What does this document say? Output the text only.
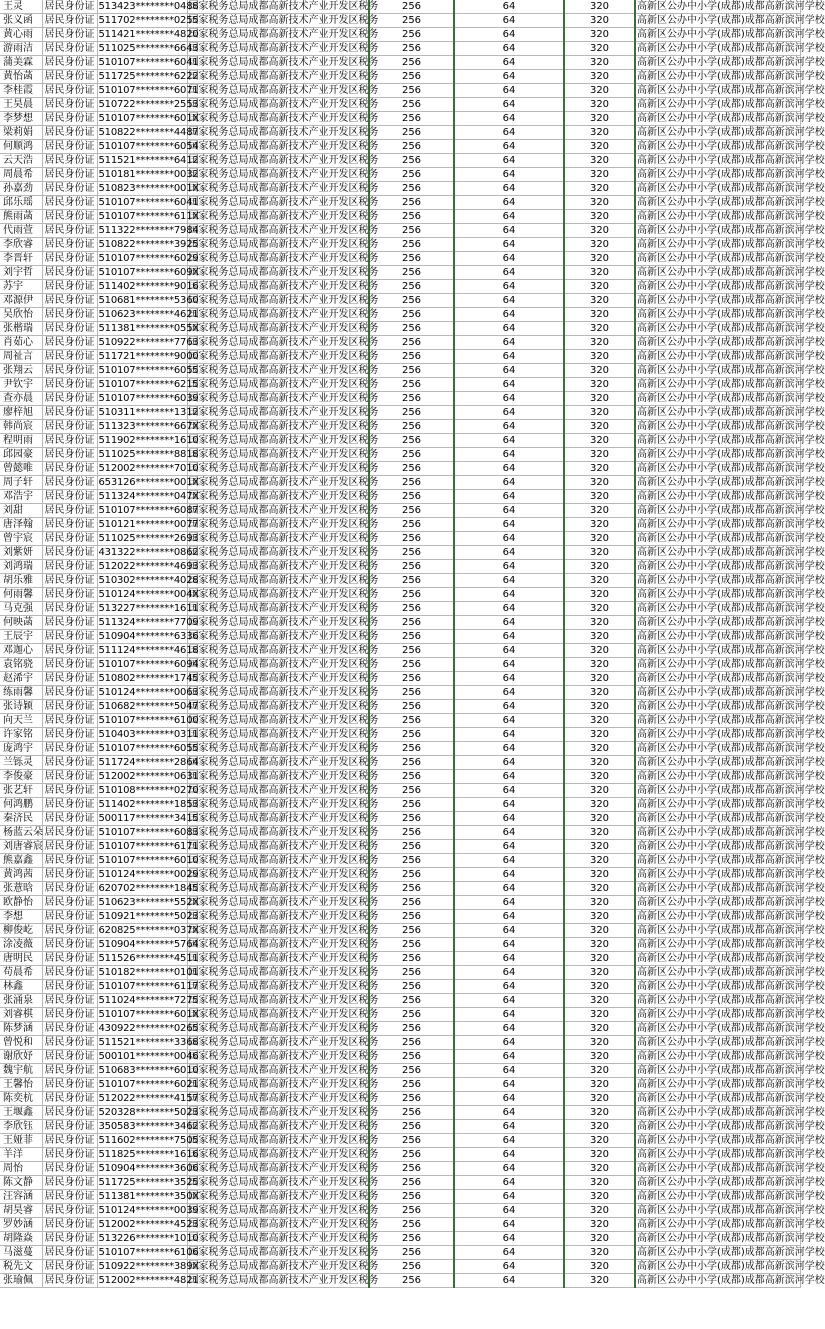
王灵	居民身份证	513423********0488	国家税务总局成都高新技术产业开发区税务	256	64	320	高新区公办中小学(成都)成都高新滨河学校
张义函	居民身份证	511702********0255	国家税务总局成都高新技术产业开发区税务	256	64	320	高新区公办中小学(成都)成都高新滨河学校
黄心雨	居民身份证	511421********4820	国家税务总局成都高新技术产业开发区税务	256	64	320	高新区公办中小学(成都)成都高新滨河学校
游雨洁	居民身份证	511025********6643	国家税务总局成都高新技术产业开发区税务	256	64	320	高新区公办中小学(成都)成都高新滨河学校
蒲美霖	居民身份证	510107********6041	国家税务总局成都高新技术产业开发区税务	256	64	320	高新区公办中小学(成都)成都高新滨河学校
黄怡菡	居民身份证	511725********6222	国家税务总局成都高新技术产业开发区税务	256	64	320	高新区公办中小学(成都)成都高新滨河学校
李桂霞	居民身份证	510107********6071	国家税务总局成都高新技术产业开发区税务	256	64	320	高新区公办中小学(成都)成都高新滨河学校
王昊晨	居民身份证	510722********2553	国家税务总局成都高新技术产业开发区税务	256	64	320	高新区公办中小学(成都)成都高新滨河学校
李梦想	居民身份证	510107********601X	国家税务总局成都高新技术产业开发区税务	256	64	320	高新区公办中小学(成都)成都高新滨河学校
梁莉娟	居民身份证	510822********4487	国家税务总局成都高新技术产业开发区税务	256	64	320	高新区公办中小学(成都)成都高新滨河学校
何顺鸿	居民身份证	510107********6054	国家税务总局成都高新技术产业开发区税务	256	64	320	高新区公办中小学(成都)成都高新滨河学校
云天浩	居民身份证	511521********6412	国家税务总局成都高新技术产业开发区税务	256	64	320	高新区公办中小学(成都)成都高新滨河学校
周晨希	居民身份证	510181********0032	国家税务总局成都高新技术产业开发区税务	256	64	320	高新区公办中小学(成都)成都高新滨河学校
孙嘉劲	居民身份证	510823********001X	国家税务总局成都高新技术产业开发区税务	256	64	320	高新区公办中小学(成都)成都高新滨河学校
邱乐瑶	居民身份证	510107********6041	国家税务总局成都高新技术产业开发区税务	256	64	320	高新区公办中小学(成都)成都高新滨河学校
熊雨菡	居民身份证	510107********611X	国家税务总局成都高新技术产业开发区税务	256	64	320	高新区公办中小学(成都)成都高新滨河学校
代雨萱	居民身份证	511322********7984	国家税务总局成都高新技术产业开发区税务	256	64	320	高新区公办中小学(成都)成都高新滨河学校
李欣睿	居民身份证	510822********3925	国家税务总局成都高新技术产业开发区税务	256	64	320	高新区公办中小学(成都)成都高新滨河学校
李晋轩	居民身份证	510107********6029	国家税务总局成都高新技术产业开发区税务	256	64	320	高新区公办中小学(成都)成都高新滨河学校
刘宇哲	居民身份证	510107********609X	国家税务总局成都高新技术产业开发区税务	256	64	320	高新区公办中小学(成都)成都高新滨河学校
苏宇	居民身份证	511402********9016	国家税务总局成都高新技术产业开发区税务	256	64	320	高新区公办中小学(成都)成都高新滨河学校
邓源伊	居民身份证	510681********5360	国家税务总局成都高新技术产业开发区税务	256	64	320	高新区公办中小学(成都)成都高新滨河学校
吴欣怡	居民身份证	510623********4621	国家税务总局成都高新技术产业开发区税务	256	64	320	高新区公办中小学(成都)成都高新滨河学校
张楷瑞	居民身份证	511381********055X	国家税务总局成都高新技术产业开发区税务	256	64	320	高新区公办中小学(成都)成都高新滨河学校
肖茹心	居民身份证	510922********7763	国家税务总局成都高新技术产业开发区税务	256	64	320	高新区公办中小学(成都)成都高新滨河学校
周祉言	居民身份证	511721********9000	国家税务总局成都高新技术产业开发区税务	256	64	320	高新区公办中小学(成都)成都高新滨河学校
张翔云	居民身份证	510107********6055	国家税务总局成都高新技术产业开发区税务	256	64	320	高新区公办中小学(成都)成都高新滨河学校
尹钦宇	居民身份证	510107********6215	国家税务总局成都高新技术产业开发区税务	256	64	320	高新区公办中小学(成都)成都高新滨河学校
查亦晨	居民身份证	510107********6039	国家税务总局成都高新技术产业开发区税务	256	64	320	高新区公办中小学(成都)成都高新滨河学校
廖梓旭	居民身份证	510311********1312	国家税务总局成都高新技术产业开发区税务	256	64	320	高新区公办中小学(成都)成都高新滨河学校
韩尚宸	居民身份证	511323********667X	国家税务总局成都高新技术产业开发区税务	256	64	320	高新区公办中小学(成都)成都高新滨河学校
程明雨	居民身份证	511902********1610	国家税务总局成都高新技术产业开发区税务	256	64	320	高新区公办中小学(成都)成都高新滨河学校
邱园豪	居民身份证	511025********8818	国家税务总局成都高新技术产业开发区税务	256	64	320	高新区公办中小学(成都)成都高新滨河学校
曾懿唯	居民身份证	512002********7010	国家税务总局成都高新技术产业开发区税务	256	64	320	高新区公办中小学(成都)成都高新滨河学校
周子轩	居民身份证	653126********001X	国家税务总局成都高新技术产业开发区税务	256	64	320	高新区公办中小学(成都)成都高新滨河学校
邓浩宇	居民身份证	511324********047X	国家税务总局成都高新技术产业开发区税务	256	64	320	高新区公办中小学(成都)成都高新滨河学校
刘甜	居民身份证	510107********6087	国家税务总局成都高新技术产业开发区税务	256	64	320	高新区公办中小学(成都)成都高新滨河学校
唐泽翰	居民身份证	510121********0077	国家税务总局成都高新技术产业开发区税务	256	64	320	高新区公办中小学(成都)成都高新滨河学校
曾宇宸	居民身份证	511025********2693	国家税务总局成都高新技术产业开发区税务	256	64	320	高新区公办中小学(成都)成都高新滨河学校
刘紫妍	居民身份证	431322********0862	国家税务总局成都高新技术产业开发区税务	256	64	320	高新区公办中小学(成都)成都高新滨河学校
刘鸿瑞	居民身份证	512022********4693	国家税务总局成都高新技术产业开发区税务	256	64	320	高新区公办中小学(成都)成都高新滨河学校
胡乐雅	居民身份证	510302********4028	国家税务总局成都高新技术产业开发区税务	256	64	320	高新区公办中小学(成都)成都高新滨河学校
何雨馨	居民身份证	510124********004X	国家税务总局成都高新技术产业开发区税务	256	64	320	高新区公办中小学(成都)成都高新滨河学校
马克强	居民身份证	513227********1611	国家税务总局成都高新技术产业开发区税务	256	64	320	高新区公办中小学(成都)成都高新滨河学校
何映菡	居民身份证	511324********7709	国家税务总局成都高新技术产业开发区税务	256	64	320	高新区公办中小学(成都)成都高新滨河学校
王辰宇	居民身份证	510904********6336	国家税务总局成都高新技术产业开发区税务	256	64	320	高新区公办中小学(成都)成都高新滨河学校
邓迦心	居民身份证	511124********4618	国家税务总局成都高新技术产业开发区税务	256	64	320	高新区公办中小学(成都)成都高新滨河学校
袁铭骁	居民身份证	510107********6094	国家税务总局成都高新技术产业开发区税务	256	64	320	高新区公办中小学(成都)成都高新滨河学校
赵浠宇	居民身份证	510802********1745	国家税务总局成都高新技术产业开发区税务	256	64	320	高新区公办中小学(成都)成都高新滨河学校
练雨馨	居民身份证	510124********0063	国家税务总局成都高新技术产业开发区税务	256	64	320	高新区公办中小学(成都)成都高新滨河学校
张诗颖	居民身份证	510682********5047	国家税务总局成都高新技术产业开发区税务	256	64	320	高新区公办中小学(成都)成都高新滨河学校
向天兰	居民身份证	510107********6100	国家税务总局成都高新技术产业开发区税务	256	64	320	高新区公办中小学(成都)成都高新滨河学校
许家铭	居民身份证	510403********0311	国家税务总局成都高新技术产业开发区税务	256	64	320	高新区公办中小学(成都)成都高新滨河学校
庞鸿宇	居民身份证	510107********6055	国家税务总局成都高新技术产业开发区税务	256	64	320	高新区公办中小学(成都)成都高新滨河学校
兰铄灵	居民身份证	511724********2864	国家税务总局成都高新技术产业开发区税务	256	64	320	高新区公办中小学(成都)成都高新滨河学校
李俊豪	居民身份证	512002********0631	国家税务总局成都高新技术产业开发区税务	256	64	320	高新区公办中小学(成都)成都高新滨河学校
张艺轩	居民身份证	510108********0270	国家税务总局成都高新技术产业开发区税务	256	64	320	高新区公办中小学(成都)成都高新滨河学校
何鸿鹏	居民身份证	511402********1853	国家税务总局成都高新技术产业开发区税务	256	64	320	高新区公办中小学(成都)成都高新滨河学校
秦济民	居民身份证	500117********3415	国家税务总局成都高新技术产业开发区税务	256	64	320	高新区公办中小学(成都)成都高新滨河学校
杨蓝云朵	居民身份证	510107********6083	国家税务总局成都高新技术产业开发区税务	256	64	320	高新区公办中小学(成都)成都高新滨河学校
刘唐睿宸	居民身份证	510107********6171	国家税务总局成都高新技术产业开发区税务	256	64	320	高新区公办中小学(成都)成都高新滨河学校
熊嘉鑫	居民身份证	510107********6010	国家税务总局成都高新技术产业开发区税务	256	64	320	高新区公办中小学(成都)成都高新滨河学校
黄鸿茜	居民身份证	510124********0029	国家税务总局成都高新技术产业开发区税务	256	64	320	高新区公办中小学(成都)成都高新滨河学校
张薏晗	居民身份证	620702********1845	国家税务总局成都高新技术产业开发区税务	256	64	320	高新区公办中小学(成都)成都高新滨河学校
欧静怡	居民身份证	510623********552X	国家税务总局成都高新技术产业开发区税务	256	64	320	高新区公办中小学(成都)成都高新滨河学校
李想	居民身份证	510921********5023	国家税务总局成都高新技术产业开发区税务	256	64	320	高新区公办中小学(成都)成都高新滨河学校
柳俊屹	居民身份证	620825********037X	国家税务总局成都高新技术产业开发区税务	256	64	320	高新区公办中小学(成都)成都高新滨河学校
涂凌薇	居民身份证	510904********5764	国家税务总局成都高新技术产业开发区税务	256	64	320	高新区公办中小学(成都)成都高新滨河学校
唐明民	居民身份证	511526********4511	国家税务总局成都高新技术产业开发区税务	256	64	320	高新区公办中小学(成都)成都高新滨河学校
苟晨希	居民身份证	510182********0101	国家税务总局成都高新技术产业开发区税务	256	64	320	高新区公办中小学(成都)成都高新滨河学校
林鑫	居民身份证	510107********6117	国家税务总局成都高新技术产业开发区税务	256	64	320	高新区公办中小学(成都)成都高新滨河学校
张涌泉	居民身份证	511024********7275	国家税务总局成都高新技术产业开发区税务	256	64	320	高新区公办中小学(成都)成都高新滨河学校
刘睿棋	居民身份证	510107********601X	国家税务总局成都高新技术产业开发区税务	256	64	320	高新区公办中小学(成都)成都高新滨河学校
陈梦涵	居民身份证	430922********0265	国家税务总局成都高新技术产业开发区税务	256	64	320	高新区公办中小学(成都)成都高新滨河学校
曾悦和	居民身份证	511521********3368	国家税务总局成都高新技术产业开发区税务	256	64	320	高新区公办中小学(成都)成都高新滨河学校
谢欣妤	居民身份证	500101********0046	国家税务总局成都高新技术产业开发区税务	256	64	320	高新区公办中小学(成都)成都高新滨河学校
魏宇航	居民身份证	510683********6010	国家税务总局成都高新技术产业开发区税务	256	64	320	高新区公办中小学(成都)成都高新滨河学校
王馨怡	居民身份证	510107********6021	国家税务总局成都高新技术产业开发区税务	256	64	320	高新区公办中小学(成都)成都高新滨河学校
陈奕杭	居民身份证	512022********4157	国家税务总局成都高新技术产业开发区税务	256	64	320	高新区公办中小学(成都)成都高新滨河学校
王堰鑫	居民身份证	520328********5023	国家税务总局成都高新技术产业开发区税务	256	64	320	高新区公办中小学(成都)成都高新滨河学校
李欣钰	居民身份证	350583********3462	国家税务总局成都高新技术产业开发区税务	256	64	320	高新区公办中小学(成都)成都高新滨河学校
王娅菲	居民身份证	511602********7505	国家税务总局成都高新技术产业开发区税务	256	64	320	高新区公办中小学(成都)成都高新滨河学校
羊洋	居民身份证	511825********1616	国家税务总局成都高新技术产业开发区税务	256	64	320	高新区公办中小学(成都)成都高新滨河学校
周怡	居民身份证	510904********3606	国家税务总局成都高新技术产业开发区税务	256	64	320	高新区公办中小学(成都)成都高新滨河学校
陈文静	居民身份证	511725********3525	国家税务总局成都高新技术产业开发区税务	256	64	320	高新区公办中小学(成都)成都高新滨河学校
汪容涵	居民身份证	511381********350X	国家税务总局成都高新技术产业开发区税务	256	64	320	高新区公办中小学(成都)成都高新滨河学校
胡昊睿	居民身份证	510124********0039	国家税务总局成都高新技术产业开发区税务	256	64	320	高新区公办中小学(成都)成都高新滨河学校
罗妙涵	居民身份证	512002********4523	国家税务总局成都高新技术产业开发区税务	256	64	320	高新区公办中小学(成都)成都高新滨河学校
胡隆焱	居民身份证	513226********1010	国家税务总局成都高新技术产业开发区税务	256	64	320	高新区公办中小学(成都)成都高新滨河学校
马滋蔓	居民身份证	510107********6106	国家税务总局成都高新技术产业开发区税务	256	64	320	高新区公办中小学(成都)成都高新滨河学校
税先文	居民身份证	510922********389X	国家税务总局成都高新技术产业开发区税务	256	64	320	高新区公办中小学(成都)成都高新滨河学校
张瑜佩	居民身份证	512002********4821	国家税务总局成都高新技术产业开发区税务	256	64	320	高新区公办中小学(成都)成都高新滨河学校
